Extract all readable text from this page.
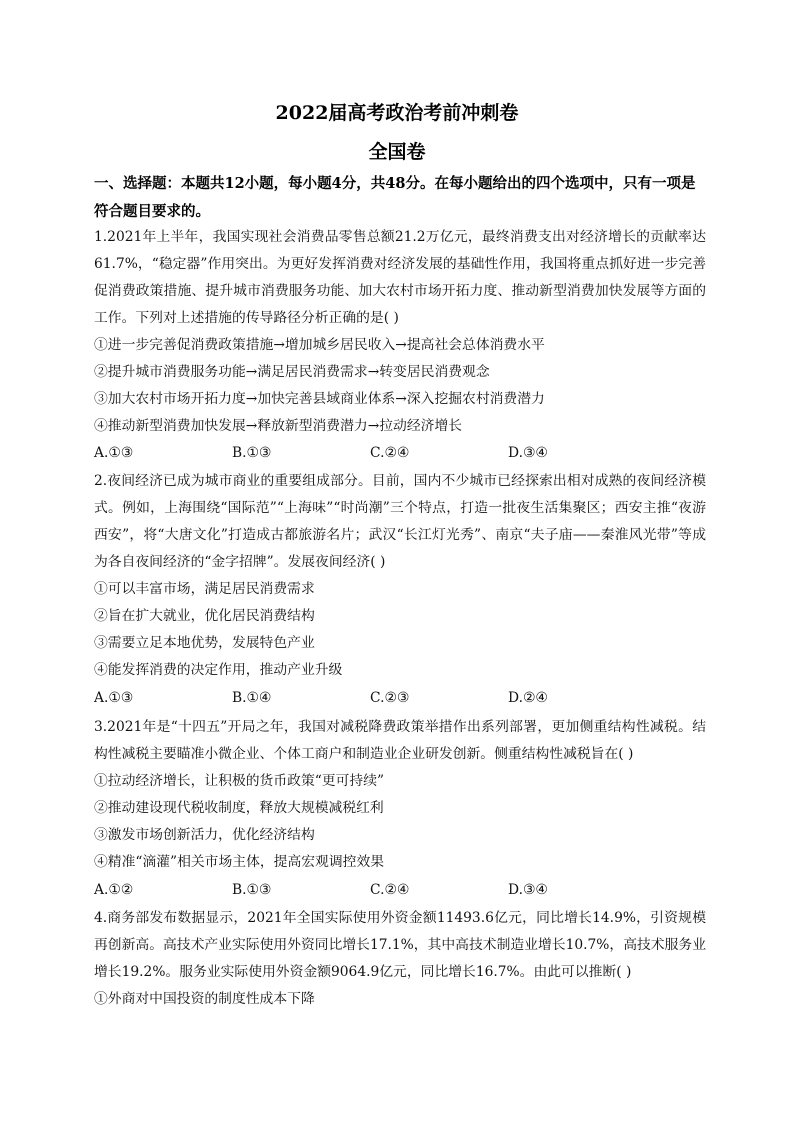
2022届高考政治考前冲刺卷
全国卷
一、选择题：本题共12小题，每小题4分，共48分。在每小题给出的四个选项中，只有一项是符合题目要求的。
1.2021年上半年，我国实现社会消费品零售总额21.2万亿元，最终消费支出对经济增长的贡献率达61.7%，“稳定器”作用突出。为更好发挥消费对经济发展的基础性作用，我国将重点抓好进一步完善促消费政策措施、提升城市消费服务功能、加大农村市场开拓力度、推动新型消费加快发展等方面的工作。下列对上述措施的传导路径分析正确的是( )
①进一步完善促消费政策措施→增加城乡居民收入→提高社会总体消费水平
②提升城市消费服务功能→满足居民消费需求→转变居民消费观念
③加大农村市场开拓力度→加快完善县域商业体系→深入挖掘农村消费潜力
④推动新型消费加快发展→释放新型消费潜力→拉动经济增长
A.①③	B.①③	C.②④	D.③④
2.夜间经济已成为城市商业的重要组成部分。目前，国内不少城市已经探索出相对成熟的夜间经济模式。例如，上海围绕“国际范”“上海味”“时尚潮”三个特点，打造一批夜生活集聚区；西安主推“夜游西安”，将“大唐文化”打造成古都旅游名片；武汉“长江灯光秀”、南京“夫子庙——秦淮风光带”等成为各自夜间经济的“金字招牌”。发展夜间经济( )
①可以丰富市场，满足居民消费需求
②旨在扩大就业，优化居民消费结构
③需要立足本地优势，发展特色产业
④能发挥消费的决定作用，推动产业升级
A.①③	B.①④	C.②③	D.②④
3.2021年是“十四五”开局之年，我国对减税降费政策举措作出系列部署，更加侧重结构性减税。结构性减税主要瞄准小微企业、个体工商户和制造业企业研发创新。侧重结构性减税旨在( )
①拉动经济增长，让积极的货币政策“更可持续”
②推动建设现代税收制度，释放大规模减税红利
③激发市场创新活力，优化经济结构
④精准“滴灌”相关市场主体，提高宏观调控效果
A.①②	B.①③	C.②④	D.③④
4.商务部发布数据显示，2021年全国实际使用外资金额11493.6亿元，同比增长14.9%，引资规模再创新高。高技术产业实际使用外资同比增长17.1%，其中高技术制造业增长10.7%，高技术服务业增长19.2%。服务业实际使用外资金额9064.9亿元，同比增长16.7%。由此可以推断( )
①外商对中国投资的制度性成本下降
